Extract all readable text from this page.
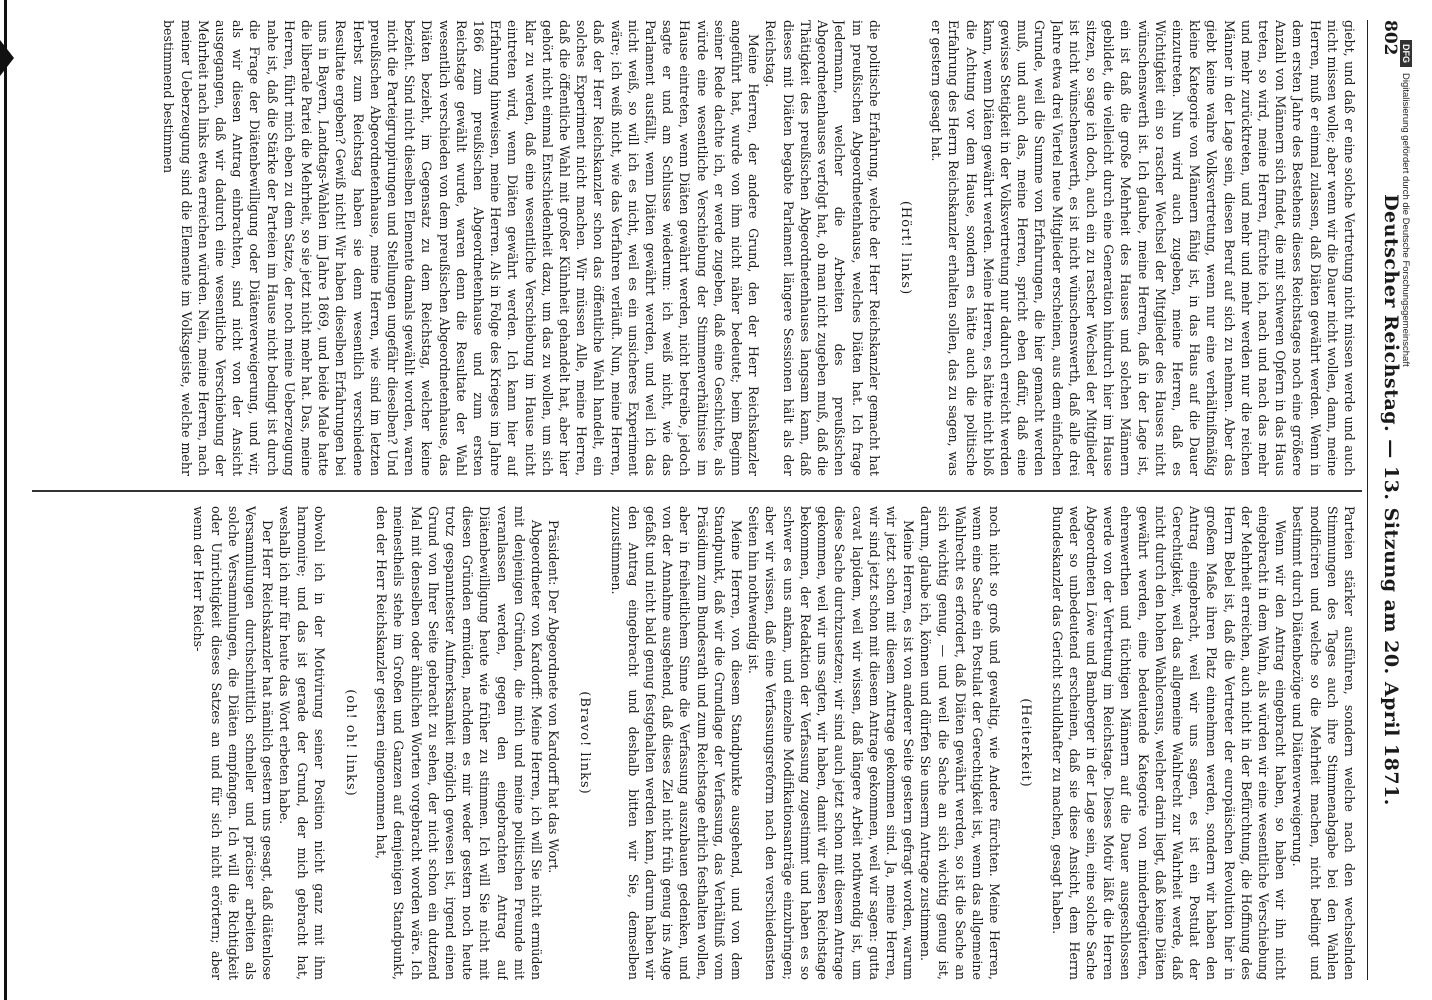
802
Deutscher Reichstag. — 13. Sitzung am 20. April 1871.

giebt, und daß er eine solche Vertretung nicht missen werde und auch nicht missen wolle; aber wenn wir die Dauer nicht wollen, dann, meine Herren, muß er einmal zulassen, daß Diäten gewährt werden. Wenn in dem ersten Jahre des Bestehens dieses Reichstages noch eine größere Anzahl von Männern sich findet, die mit schweren Opfern in das Haus treten, so wird, meine Herren, fürchte ich, nach und nach das mehr und mehr zurücktreten, und mehr und mehr werden nur die reichen Männer in der Lage sein, diesen Beruf auf sich zu nehmen. Aber das giebt keine wahre Volksvertretung, wenn nur eine verhältnißmäßig kleine Kategorie von Männern fähig ist, in das Haus auf die Dauer einzutreten. Nun wird auch zugeben, meine Herren, daß es Wichtigkeit ein so rascher Wechsel der Mitglieder des Hauses nicht wünschenswerth ist. Ich glaube, meine Herren, daß in der Lage ist, ein ist daß die große Mehrheit des Hauses und solchen Männern gebildet, die vielleicht durch eine Generation hindurch hier im Hause sitzen, so sage ich doch, auch ein zu rascher Wechsel der Mitglieder ist nicht wünschenswerth, es ist nicht wünschenswerth, daß alle drei Jahre etwa drei Viertel neue Mitglieder erscheinen, aus dem einfachen Grunde, weil die Summe von Erfahrungen, die hier gemacht werden muß, und auch das, meine Herren, spricht eben dafür, daß eine gewisse Stetigkeit in der Volksvertretung nur dadurch erreicht werden kann, wenn Diäten gewährt werden. Meine Herren, es hätte nicht bloß die Achtung vor dem Hause, sondern es hätte auch die politische Erfahrung des Herrn Reichskanzler erhalten sollen, das zu sagen, was er gestern gesagt hat.

(Hört! links)

die politische Erfahrung, welche der Herr Reichskanzler gemacht hat im preußischen Abgeordnetenhause, welches Diäten hat. Ich frage Jedermann, welcher die Arbeiten des preußischen Abgeordnetenhauses verfolgt hat, ob man nicht zugeben muß, daß die Thätigkeit des preußischen Abgeordnetenhauses langsam kann, daß dieses mit Diäten begabte Parlament längere Sessionen hält als der Reichstag.

Meine Herren, der andere Grund, den der Herr Reichskanzler angeführt hat, wurde von ihm nicht näher bedeutet; beim Beginn seiner Rede dachte ich, er werde zugeben, daß eine Geschichte, als würde eine wesentliche Verschiebung der Stimmenverhältnisse im Hause eintreten, wenn Diäten gewährt werden, nicht betreibe, jedoch sagte er und am Schlusse wiederum: ich weiß nicht, wie das Parlament ausfällt, wenn Diäten gewährt werden, und weil ich das nicht weiß, so will ich es nicht, weil es ein unsicheres Experiment wäre; ich weiß nicht, wie das Verfahren verläuft. Nun, meine Herren, daß der Herr Reichskanzler schon das öffentliche Wahl handelt, ein solches Experiment nicht machen. Wir müssen Alle, meine Herren, daß die öffentliche Wahl mit großer Kühnheit gehandelt hat, aber hier gehört nicht einmal Entschiedenheit dazu, um das zu wollen, um sich klar zu werden, daß eine wesentliche Verschiebung im Hause nicht eintreten wird, wenn Diäten gewährt werden. Ich kann hier auf Erfahrung hinweisen, meine Herren. Als in Folge des Krieges im Jahre 1866 zum preußischen Abgeordnetenhause und zum ersten Reichstage gewählt wurde, waren denn die Resultate der Wahl wesentlich verschieden von dem preußischen Abgeordnetenhause, das Diäten bezieht, im Gegensatz zu dem Reichstag, welcher keine bezieht. Sind nicht dieselben Elemente damals gewählt worden, waren nicht die Parteigruppirungen und Stellungen ungefähr dieselben? Und preußischen Abgeordnetenhause, meine Herren, wie sind im letzten Herbst zum Reichstag haben sie denn wesentlich verschiedene Resultate ergeben? Gewiß nicht! Wir haben dieselben Erfahrungen bei uns in Bayern, Landtags-Wahlen im Jahre 1869, und beide Male hatte die liberale Partei die Mehrheit, so sie jetzt nicht mehr hat. Das, meine Herren, führt mich eben zu dem Satze, der noch meine Ueberzeugung nahe ist, daß die Stärke der Parteien im Hause nicht bedingt ist durch die Frage der Diätenbewilligung oder Diätenverweigerung, und wir, als wir diesen Antrag einbrachten, sind nicht von der Ansicht ausgegangen, daß wir dadurch eine wesentliche Verschiebung der Mehrheit nach links etwa erreichen würden. Nein, meine Herren, nach meiner Ueberzeugung sind die Elemente im Volksgeiste, welche mehr bestimmend bestimmen

Parteien stärker ausführen, sondern welche nach den wechselnden Stimmungen des Tages auch ihre Stimmenabgabe bei den Wahlen modificiren und welche so die Mehrheit machen, nicht bedingt und bestimmt durch Diätenbezüge und Diätenverweigerung.

Wenn wir den Antrag eingebracht haben, so haben wir ihn nicht eingebracht in dem Wahn, als würden wir eine wesentliche Verschiebung der Mehrheit erreichen, auch nicht in der Befürchtung, die Hoffnung des Herrn Bebel ist, daß die Vertreter der europäischen Revolution hier in großem Maße ihren Platz einnehmen werden, sondern wir haben den Antrag eingebracht, weil wir uns sagen, es ist ein Postulat der Gerechtigkeit, weil das allgemeine Wahlrecht zur Wahrheit werde, daß nicht durch den hohen Wahlcensus, welcher darin liegt, daß keine Diäten gewährt werden, eine bedeutende Kategorie von minderbegüterten, ehrenwerthen und tüchtigen Männern auf die Dauer ausgeschlossen werde von der Vertretung im Reichstage. Dieses Motiv läßt die Herren Abgeordneten Löwe und Bamberger in der Lage sein, eine solche Sache weder so unbedeutend erscheinen, daß sie diese Ansicht, dem Herrn Bundeskanzler das Gericht schuldhafter zu machen, gesagt haben.

(Heiterkeit)

noch nicht so groß und gewaltig, wie Andere fürchten. Meine Herren, wenn eine Sache ein Postulat der Gerechtigkeit ist, wenn das allgemeine Wahlrecht es erfordert, daß Diäten gewährt werden, so ist die Sache an sich wichtig genug, — und weil die Sache an sich wichtig genug ist, darum, glaube ich, können und dürfen Sie unserm Antrage zustimmen.

Meine Herren, es ist von anderer Seite gestern gefragt worden, warum wir jetzt schon mit diesem Antrage gekommen sind. Ja, meine Herren, wir sind jetzt schon mit diesem Antrage gekommen, weil wir sagen: gutta cavat lapidem, weil wir wissen, daß längere Arbeit nothwendig ist, um diese Sache durchzusetzen; wir sind auch jetzt schon mit diesem Antrage gekommen, weil wir uns sagten, wir haben, damit wir diesen Reichstage bekommen, der Redaktion der Verfassung zugestimmt und haben es so schwer es uns ankam, und einzelne Modifikationsanträge einzubringen; aber wir wissen, daß eine Verfassungsreform nach den verschiedensten Seiten hin nothwendig ist.

Meine Herren, von diesem Standpunkte ausgehend, und von dem Standpunkt, daß wir die Grundlage der Verfassung, das Verhältniß vom Präsidium zum Bundesrath und zum Reichstage ehrlich festhalten wollen, aber in freiheitlichem Sinne die Verfassung auszubauen gedenken, und von der Annahme ausgehend, daß dieses Ziel nicht früh genug ins Auge gefaßt und nicht bald genug festgehalten werden kann, darum haben wir den Antrag eingebracht und deshalb bitten wir Sie, demselben zuzustimmen.

(Bravo! links)

Präsident: Der Abgeordnete von Kardorff hat das Wort.

Abgeordneter von Kardorff: Meine Herren, ich will Sie nicht ermüden mit denjenigen Gründen, die mich und meine politischen Freunde mit veranlassen werden, gegen den eingebrachten Antrag auf Diätenbewilligung heute wie früher zu stimmen. Ich will Sie nicht mit diesen Gründen ermüden, nachdem es mir weder gestern noch heute trotz gespanntester Aufmerksamkeit möglich gewesen ist, irgend einen Grund von Ihrer Seite gebracht zu sehen, der nicht schon ein dutzend Mal mit denselben oder ähnlichen Worten vorgebracht worden wäre. Ich meinestheils stehe im Großen und Ganzen auf demjenigen Standpunkt, den der Herr Reichskanzler gestern eingenommen hat,

(oh! oh! links)

obwohl ich in der Motivirung seiner Position nicht ganz mit ihm harmonire; und das ist gerade der Grund, der mich gebracht hat, weshalb ich mir für heute das Wort erbeten habe.

Der Herr Reichskanzler hat nämlich gestern uns gesagt, daß diätenlose Versammlungen durchschnittlich schneller und präciser arbeiten als solche Versammlungen, die Diäten empfangen. Ich will die Richtigkeit oder Unrichtigkeit dieses Satzes an und für sich nicht erörtern; aber wenn der Herr Reichs-

DFGDigitalisierung gefördert durch die Deutsche Forschungsgemeinschaft
